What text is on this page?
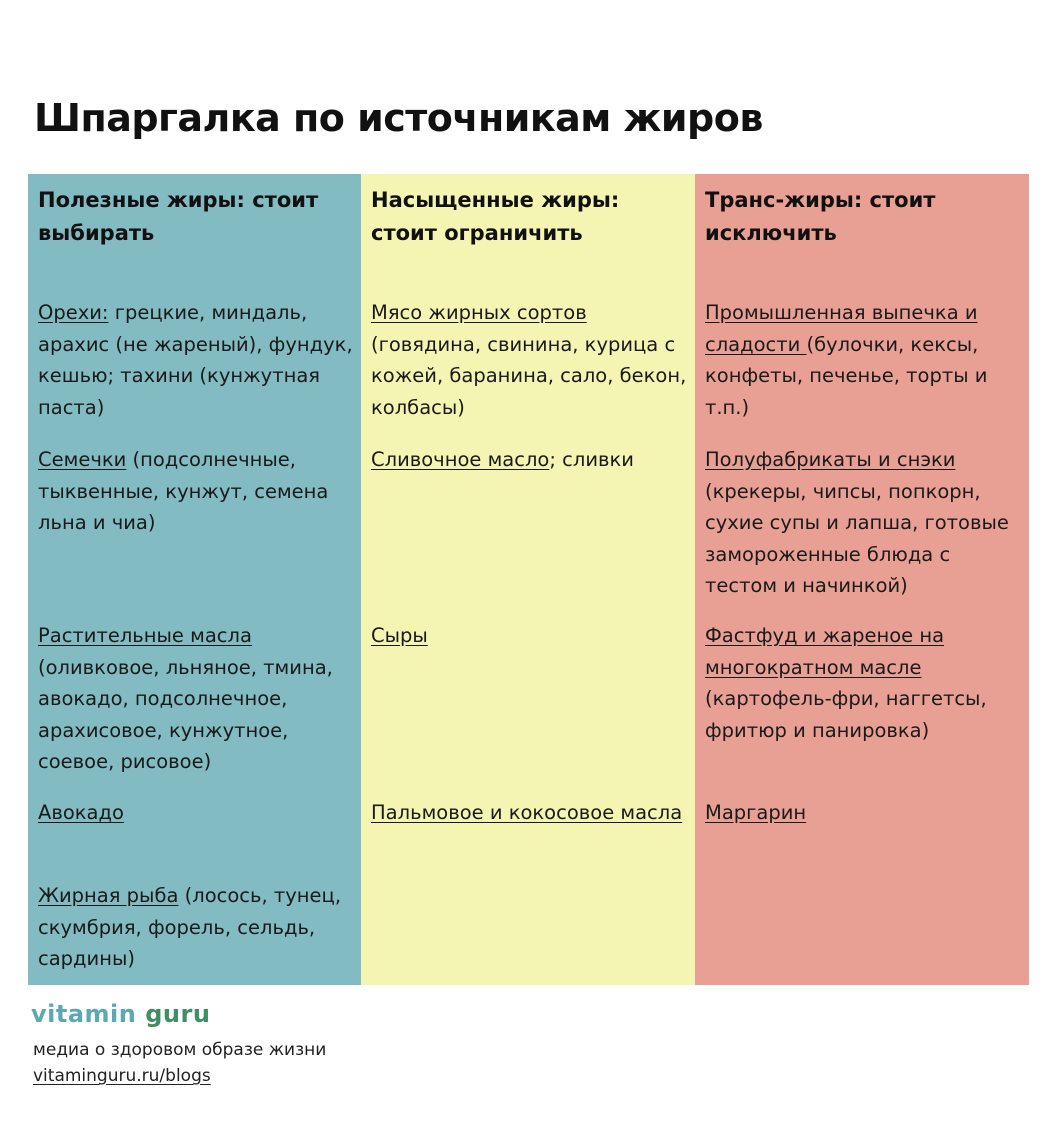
Шпаргалка по источникам жиров
Полезные жиры: стоит выбирать
Орехи: грецкие, миндаль, арахис (не жареный), фундук, кешью; тахини (кунжутная паста)
Семечки (подсолнечные, тыквенные, кунжут, семена льна и чиа)
Растительные масла (оливковое, льняное, тмина, авокадо, подсолнечное, арахисовое, кунжутное, соевое, рисовое)
Авокадо
Жирная рыба (лосось, тунец, скумбрия, форель, сельдь, сардины)
Насыщенные жиры: стоит ограничить
Мясо жирных сортов (говядина, свинина, курица с кожей, баранина, сало, бекон, колбасы)
Сливочное масло; сливки
Сыры
Пальмовое и кокосовое масла
Транс-жиры: стоит исключить
Промышленная выпечка и сладости (булочки, кексы, конфеты, печенье, торты и т.п.)
Полуфабрикаты и снэки (крекеры, чипсы, попкорн, сухие супы и лапша, готовые замороженные блюда с тестом и начинкой)
Фастфуд и жареное на многократном масле (картофель-фри, наггетсы, фритюр и панировка)
Маргарин
vitamin guru
медиа о здоровом образе жизни
vitaminguru.ru/blogs
